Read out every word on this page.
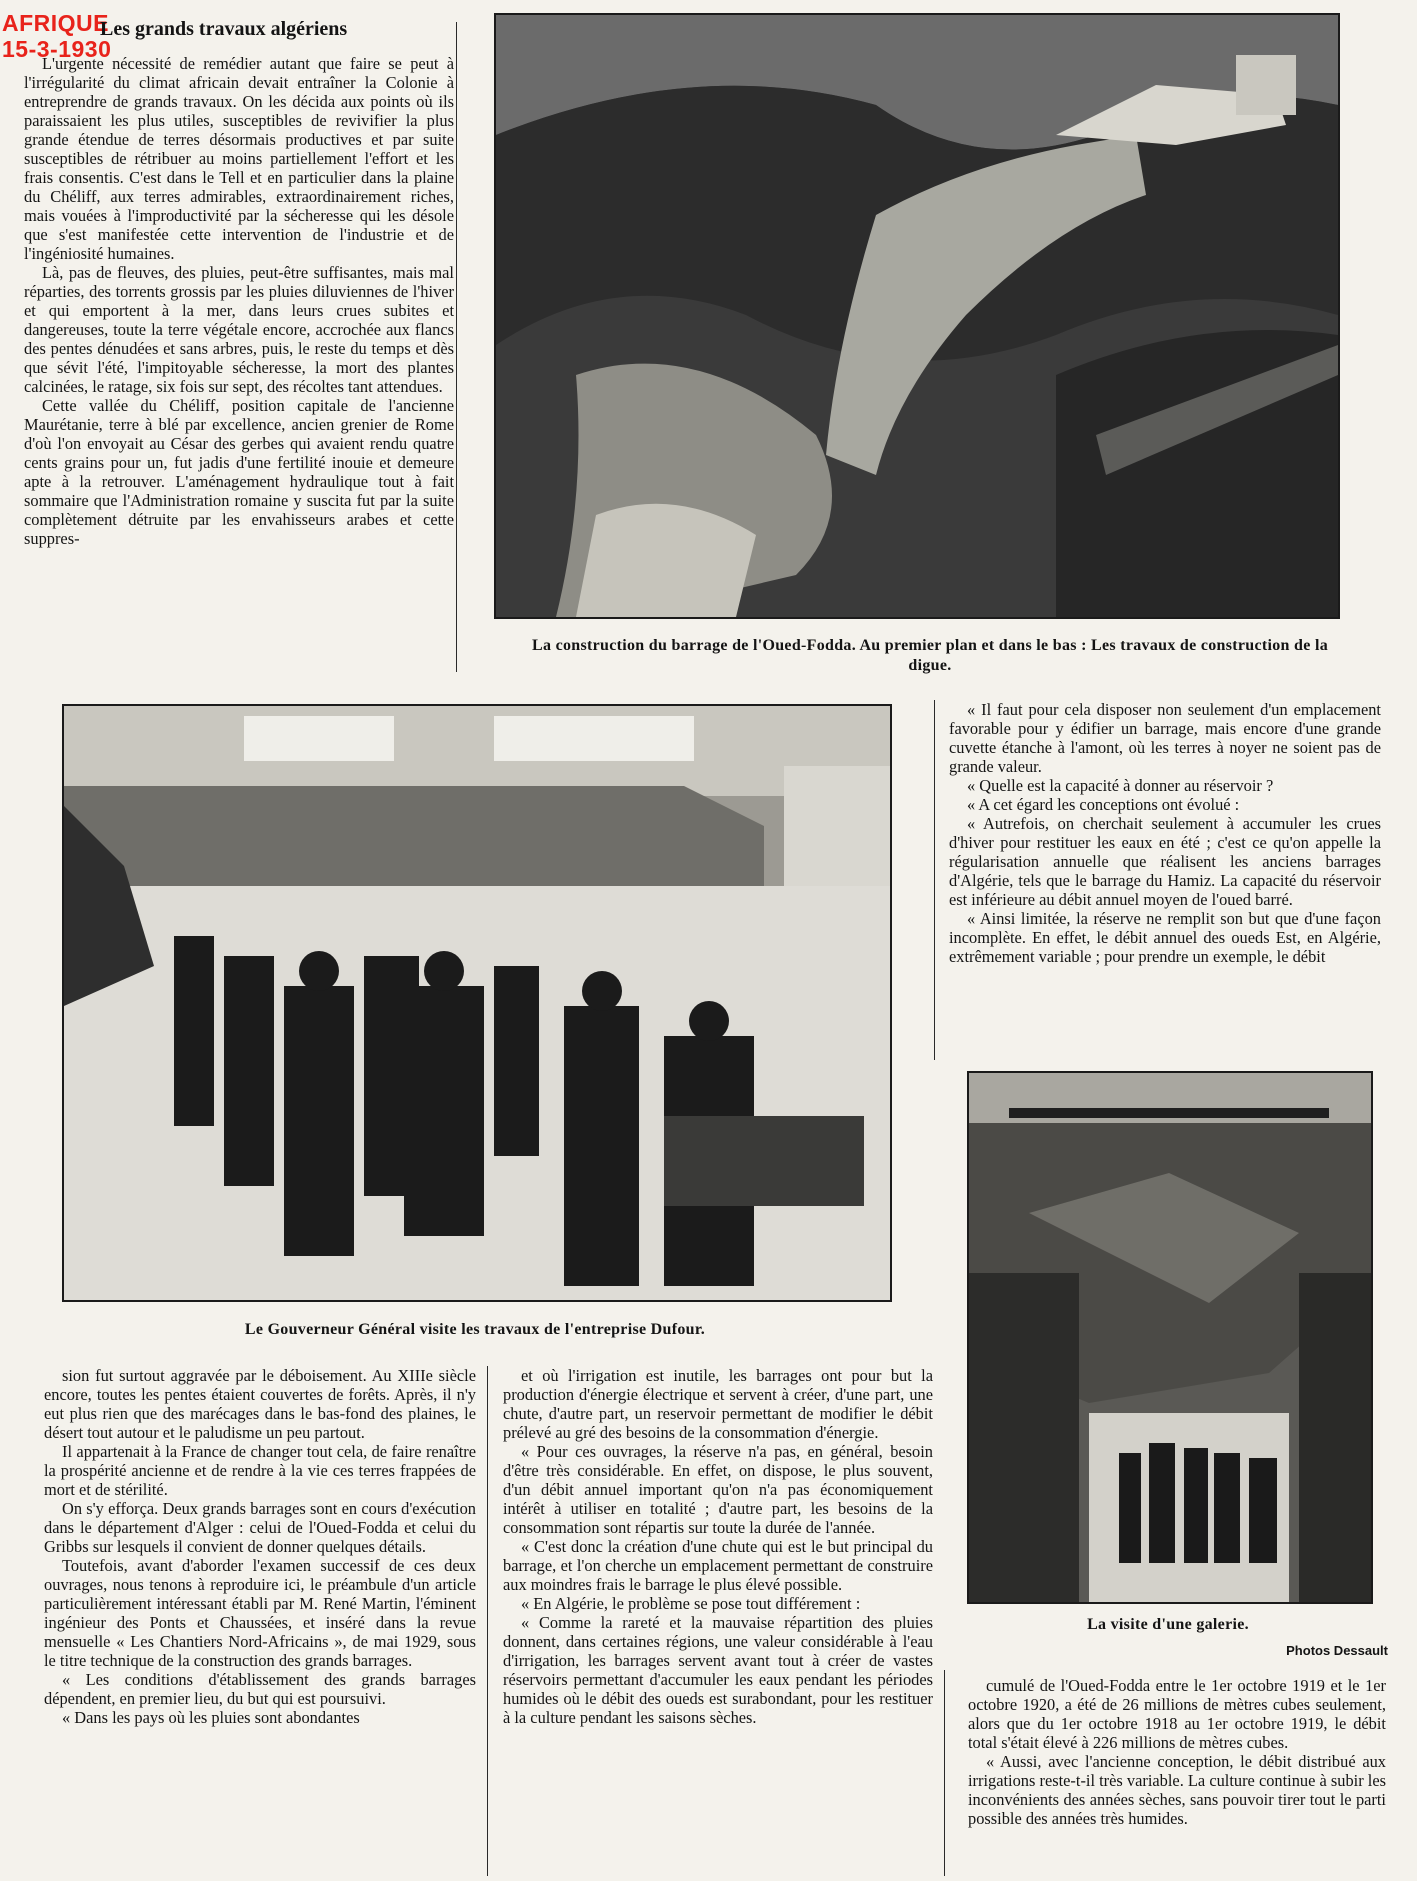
AFRIQUE
15-3-1930
Les grands travaux algériens

L'urgente nécessité de remédier autant que faire se peut à l'irrégularité du climat africain devait entraîner la Colonie à entreprendre de grands travaux. On les décida aux points où ils paraissaient les plus utiles, susceptibles de revivifier la plus grande étendue de terres désormais productives et par suite susceptibles de rétribuer au moins partiellement l'effort et les frais consentis. C'est dans le Tell et en particulier dans la plaine du Chéliff, aux terres admirables, extraordinairement riches, mais vouées à l'improductivité par la sécheresse qui les désole que s'est manifestée cette intervention de l'industrie et de l'ingéniosité humaines.

Là, pas de fleuves, des pluies, peut-être suffisantes, mais mal réparties, des torrents grossis par les pluies diluviennes de l'hiver et qui emportent à la mer, dans leurs crues subites et dangereuses, toute la terre végétale encore, accrochée aux flancs des pentes dénudées et sans arbres, puis, le reste du temps et dès que sévit l'été, l'impitoyable sécheresse, la mort des plantes calcinées, le ratage, six fois sur sept, des récoltes tant attendues.

Cette vallée du Chéliff, position capitale de l'ancienne Maurétanie, terre à blé par excellence, ancien grenier de Rome d'où l'on envoyait au César des gerbes qui avaient rendu quatre cents grains pour un, fut jadis d'une fertilité inouie et demeure apte à la retrouver. L'aménagement hydraulique tout à fait sommaire que l'Administration romaine y suscita fut par la suite complètement détruite par les envahisseurs arabes et cette suppres-

La construction du barrage de l'Oued-Fodda. Au premier plan et dans le bas : Les travaux de construction de la digue.
Le Gouverneur Général visite les travaux de l'entreprise Dufour.

« Il faut pour cela disposer non seulement d'un emplacement favorable pour y édifier un barrage, mais encore d'une grande cuvette étanche à l'amont, où les terres à noyer ne soient pas de grande valeur.

« Quelle est la capacité à donner au réservoir ?

« A cet égard les conceptions ont évolué :

« Autrefois, on cherchait seulement à accumuler les crues d'hiver pour restituer les eaux en été ; c'est ce qu'on appelle la régularisation annuelle que réalisent les anciens barrages d'Algérie, tels que le barrage du Hamiz. La capacité du réservoir est inférieure au débit annuel moyen de l'oued barré.

« Ainsi limitée, la réserve ne remplit son but que d'une façon incomplète. En effet, le débit annuel des oueds Est, en Algérie, extrêmement variable ; pour prendre un exemple, le débit

La visite d'une galerie.
Photos Dessault

sion fut surtout aggravée par le déboisement. Au XIIIe siècle encore, toutes les pentes étaient couvertes de forêts. Après, il n'y eut plus rien que des marécages dans le bas-fond des plaines, le désert tout autour et le paludisme un peu partout.

Il appartenait à la France de changer tout cela, de faire renaître la prospérité ancienne et de rendre à la vie ces terres frappées de mort et de stérilité.

On s'y efforça. Deux grands barrages sont en cours d'exécution dans le département d'Alger : celui de l'Oued-Fodda et celui du Gribbs sur lesquels il convient de donner quelques détails.

Toutefois, avant d'aborder l'examen successif de ces deux ouvrages, nous tenons à reproduire ici, le préambule d'un article particulièrement intéressant établi par M. René Martin, l'éminent ingénieur des Ponts et Chaussées, et inséré dans la revue mensuelle « Les Chantiers Nord-Africains », de mai 1929, sous le titre technique de la construction des grands barrages.

« Les conditions d'établissement des grands barrages dépendent, en premier lieu, du but qui est poursuivi.

« Dans les pays où les pluies sont abondantes

et où l'irrigation est inutile, les barrages ont pour but la production d'énergie électrique et servent à créer, d'une part, une chute, d'autre part, un reservoir permettant de modifier le débit prélevé au gré des besoins de la consommation d'énergie.

« Pour ces ouvrages, la réserve n'a pas, en général, besoin d'être très considérable. En effet, on dispose, le plus souvent, d'un débit annuel important qu'on n'a pas économiquement intérêt à utiliser en totalité ; d'autre part, les besoins de la consommation sont répartis sur toute la durée de l'année.

« C'est donc la création d'une chute qui est le but principal du barrage, et l'on cherche un emplacement permettant de construire aux moindres frais le barrage le plus élevé possible.

« En Algérie, le problème se pose tout différement :

« Comme la rareté et la mauvaise répartition des pluies donnent, dans certaines régions, une valeur considérable à l'eau d'irrigation, les barrages servent avant tout à créer de vastes réservoirs permettant d'accumuler les eaux pendant les périodes humides où le débit des oueds est surabondant, pour les restituer à la culture pendant les saisons sèches.

cumulé de l'Oued-Fodda entre le 1er octobre 1919 et le 1er octobre 1920, a été de 26 millions de mètres cubes seulement, alors que du 1er octobre 1918 au 1er octobre 1919, le débit total s'était élevé à 226 millions de mètres cubes.

« Aussi, avec l'ancienne conception, le débit distribué aux irrigations reste-t-il très variable. La culture continue à subir les inconvénients des années sèches, sans pouvoir tirer tout le parti possible des années très humides.
